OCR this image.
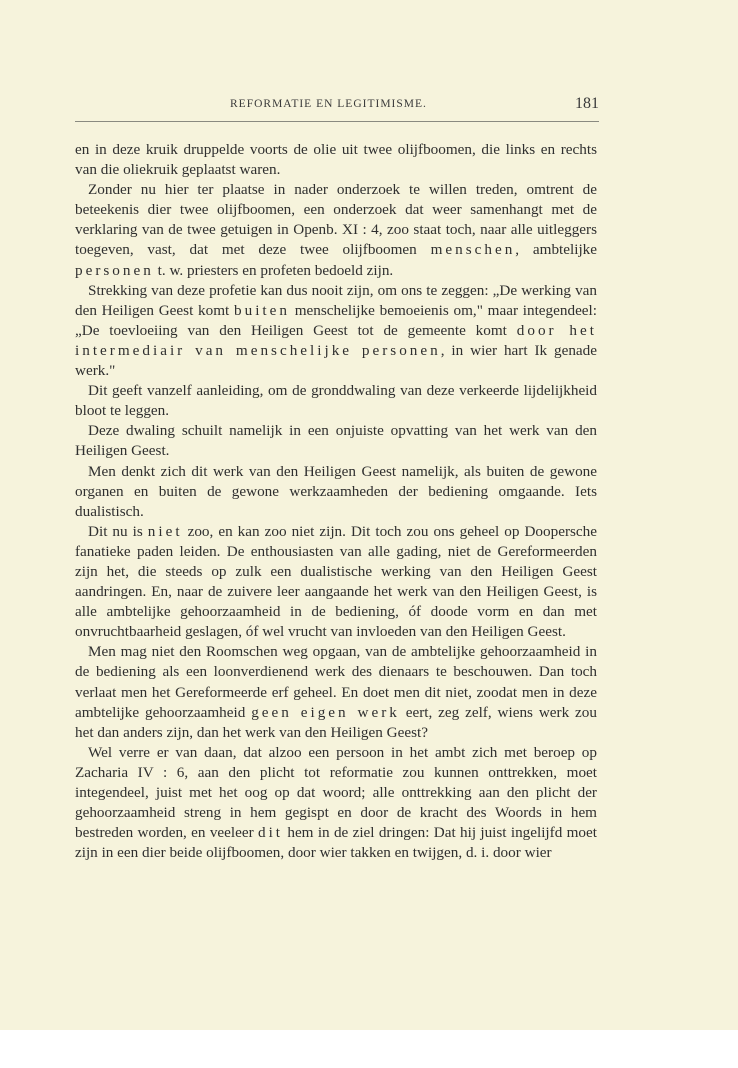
REFORMATIE EN LEGITIMISME.	181

en in deze kruik druppelde voorts de olie uit twee olijfboomen, die links en rechts van die oliekruik geplaatst waren.

Zonder nu hier ter plaatse in nader onderzoek te willen treden, omtrent de beteekenis dier twee olijfboomen, een onderzoek dat weer samenhangt met de verklaring van de twee getuigen in Openb. XI : 4, zoo staat toch, naar alle uitleggers toegeven, vast, dat met deze twee olijfboomen menschen, ambtelijke personen t. w. priesters en profeten bedoeld zijn.

Strekking van deze profetie kan dus nooit zijn, om ons te zeggen: „De werking van den Heiligen Geest komt buiten menschelijke bemoeienis om," maar integendeel: „De toevloeiing van den Heiligen Geest tot de gemeente komt door het intermediair van menschelijke personen, in wier hart Ik genade werk."

Dit geeft vanzelf aanleiding, om de gronddwaling van deze verkeerde lijdelijkheid bloot te leggen.

Deze dwaling schuilt namelijk in een onjuiste opvatting van het werk van den Heiligen Geest.

Men denkt zich dit werk van den Heiligen Geest namelijk, als buiten de gewone organen en buiten de gewone werkzaamheden der bediening omgaande. Iets dualistisch.

Dit nu is niet zoo, en kan zoo niet zijn. Dit toch zou ons geheel op Doopersche fanatieke paden leiden. De enthousiasten van alle gading, niet de Gereformeerden zijn het, die steeds op zulk een dualistische werking van den Heiligen Geest aandringen. En, naar de zuivere leer aangaande het werk van den Heiligen Geest, is alle ambtelijke gehoorzaamheid in de bediening, óf doode vorm en dan met onvruchtbaarheid geslagen, óf wel vrucht van invloeden van den Heiligen Geest.

Men mag niet den Roomschen weg opgaan, van de ambtelijke gehoorzaamheid in de bediening als een loonverdienend werk des dienaars te beschouwen. Dan toch verlaat men het Gereformeerde erf geheel. En doet men dit niet, zoodat men in deze ambtelijke gehoorzaamheid geen eigen werk eert, zeg zelf, wiens werk zou het dan anders zijn, dan het werk van den Heiligen Geest?

Wel verre er van daan, dat alzoo een persoon in het ambt zich met beroep op Zacharia IV : 6, aan den plicht tot reformatie zou kunnen onttrekken, moet integendeel, juist met het oog op dat woord; alle onttrekking aan den plicht der gehoorzaamheid streng in hem gegispt en door de kracht des Woords in hem bestreden worden, en veeleer dit hem in de ziel dringen: Dat hij juist ingelijfd moet zijn in een dier beide olijfboomen, door wier takken en twijgen, d. i. door wier
